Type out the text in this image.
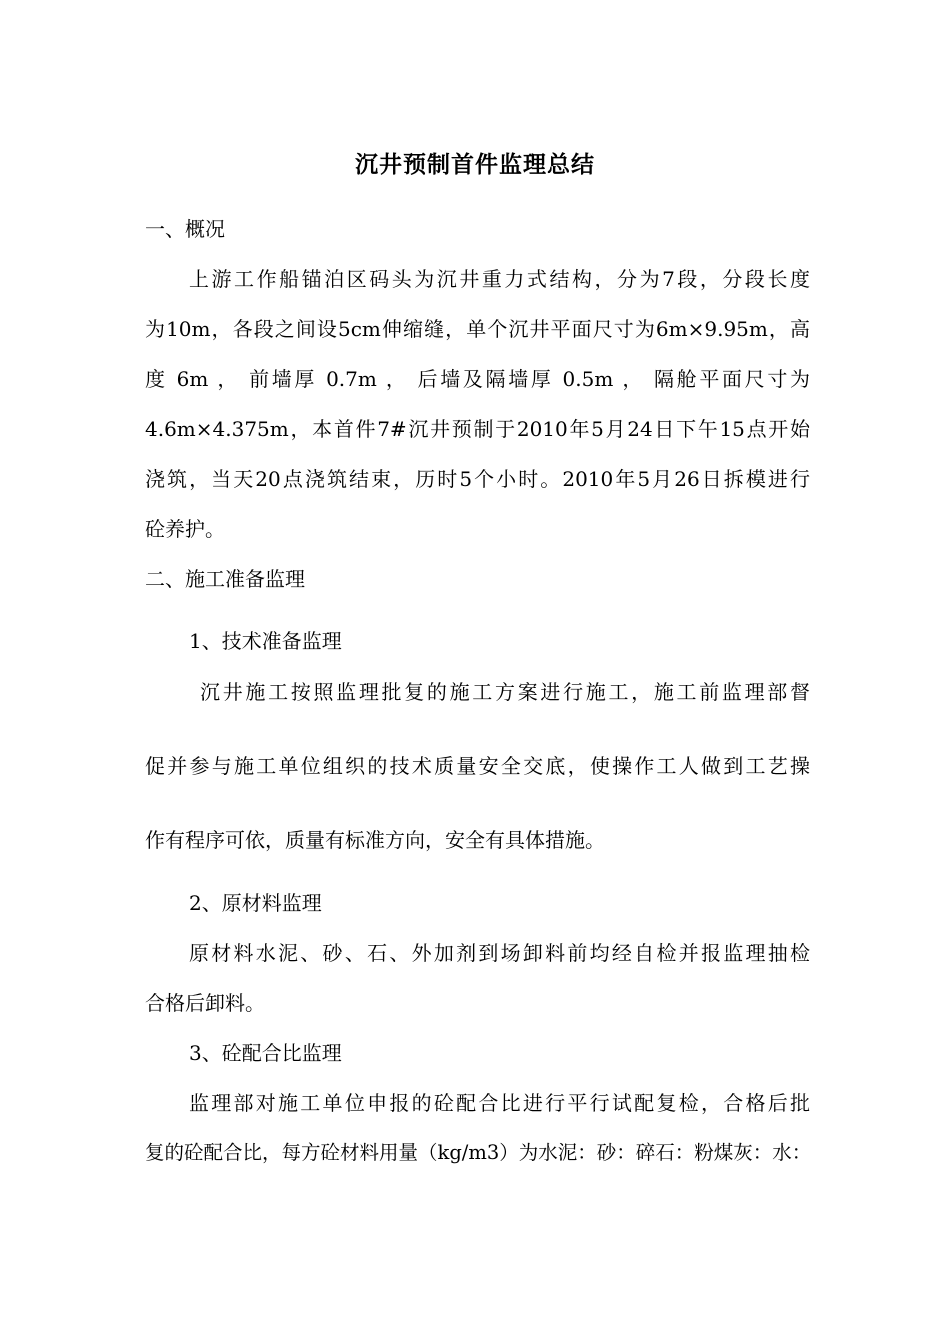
沉井预制首件监理总结
一、概况
上游工作船锚泊区码头为沉井重力式结构，分为7段，分段长度
为10m，各段之间设5cm伸缩缝，单个沉井平面尺寸为6m×9.95m，高
度 6m ， 前墙厚 0.7m ， 后墙及隔墙厚 0.5m ， 隔舱平面尺寸为
4.6m×4.375m，本首件7#沉井预制于2010年5月24日下午15点开始
浇筑，当天20点浇筑结束，历时5个小时。2010年5月26日拆模进行
砼养护。
二、施工准备监理
1、技术准备监理
沉井施工按照监理批复的施工方案进行施工，施工前监理部督
促并参与施工单位组织的技术质量安全交底，使操作工人做到工艺操
作有程序可依，质量有标准方向，安全有具体措施。
2、原材料监理
原材料水泥、砂、石、外加剂到场卸料前均经自检并报监理抽检
合格后卸料。
3、砼配合比监理
监理部对施工单位申报的砼配合比进行平行试配复检，合格后批
复的砼配合比，每方砼材料用量（kg/m3）为水泥：砂：碎石：粉煤灰：水：
